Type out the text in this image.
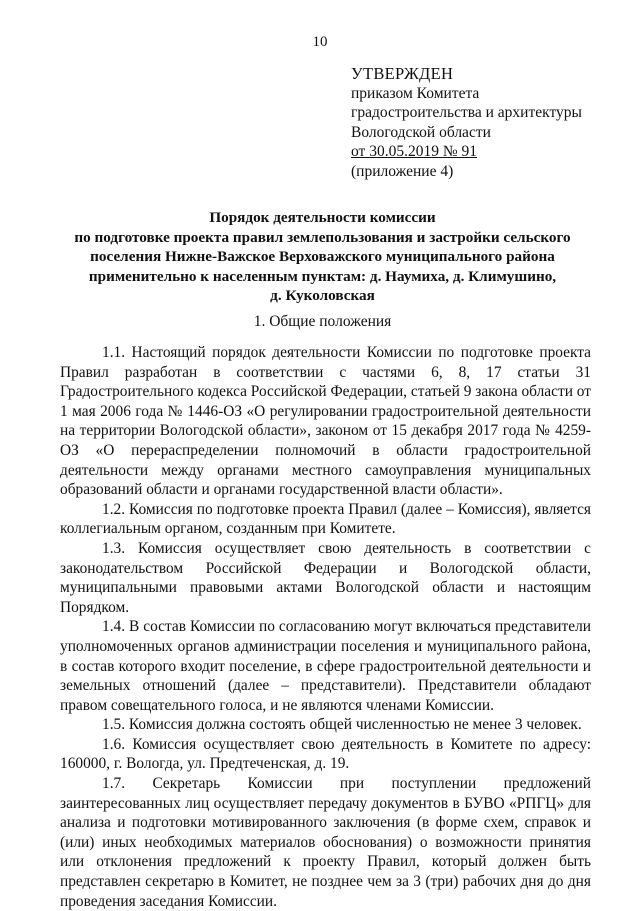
10
УТВЕРЖДЕН
приказом Комитета
градостроительства и архитектуры
Вологодской области
от 30.05.2019 № 91
(приложение 4)
Порядок деятельности комиссии
по подготовке проекта правил землепользования и застройки сельского
поселения Нижне-Важское Верховажского муниципального района
применительно к населенным пунктам: д. Наумиха, д. Климушино,
д. Куколовская
1. Общие положения

1.1. Настоящий порядок деятельности Комиссии по подготовке проекта Правил разработан в соответствии с частями 6, 8, 17 статьи 31 Градостроительного кодекса Российской Федерации, статьей 9 закона области от 1 мая 2006 года № 1446-ОЗ «О регулировании градостроительной деятельности на территории Вологодской области», законом от 15 декабря 2017 года № 4259-ОЗ «О перераспределении полномочий в области градостроительной деятельности между органами местного самоуправления муниципальных образований области и органами государственной власти области».

1.2. Комиссия по подготовке проекта Правил (далее – Комиссия), является коллегиальным органом, созданным при Комитете.

1.3. Комиссия осуществляет свою деятельность в соответствии с законодательством Российской Федерации и Вологодской области, муниципальными правовыми актами Вологодской области и настоящим Порядком.

1.4. В состав Комиссии по согласованию могут включаться представители уполномоченных органов администрации поселения и муниципального района, в состав которого входит поселение, в сфере градостроительной деятельности и земельных отношений (далее – представители). Представители обладают правом совещательного голоса, и не являются членами Комиссии.

1.5. Комиссия должна состоять общей численностью не менее 3 человек.

1.6. Комиссия осуществляет свою деятельность в Комитете по адресу: 160000, г. Вологда, ул. Предтеченская, д. 19.

1.7. Секретарь Комиссии при поступлении предложений заинтересованных лиц осуществляет передачу документов в БУВО «РПГЦ» для анализа и подготовки мотивированного заключения (в форме схем, справок и (или) иных необходимых материалов обоснования) о возможности принятия или отклонения предложений к проекту Правил, который должен быть представлен секретарю в Комитет, не позднее чем за 3 (три) рабочих дня до дня проведения заседания Комиссии.
